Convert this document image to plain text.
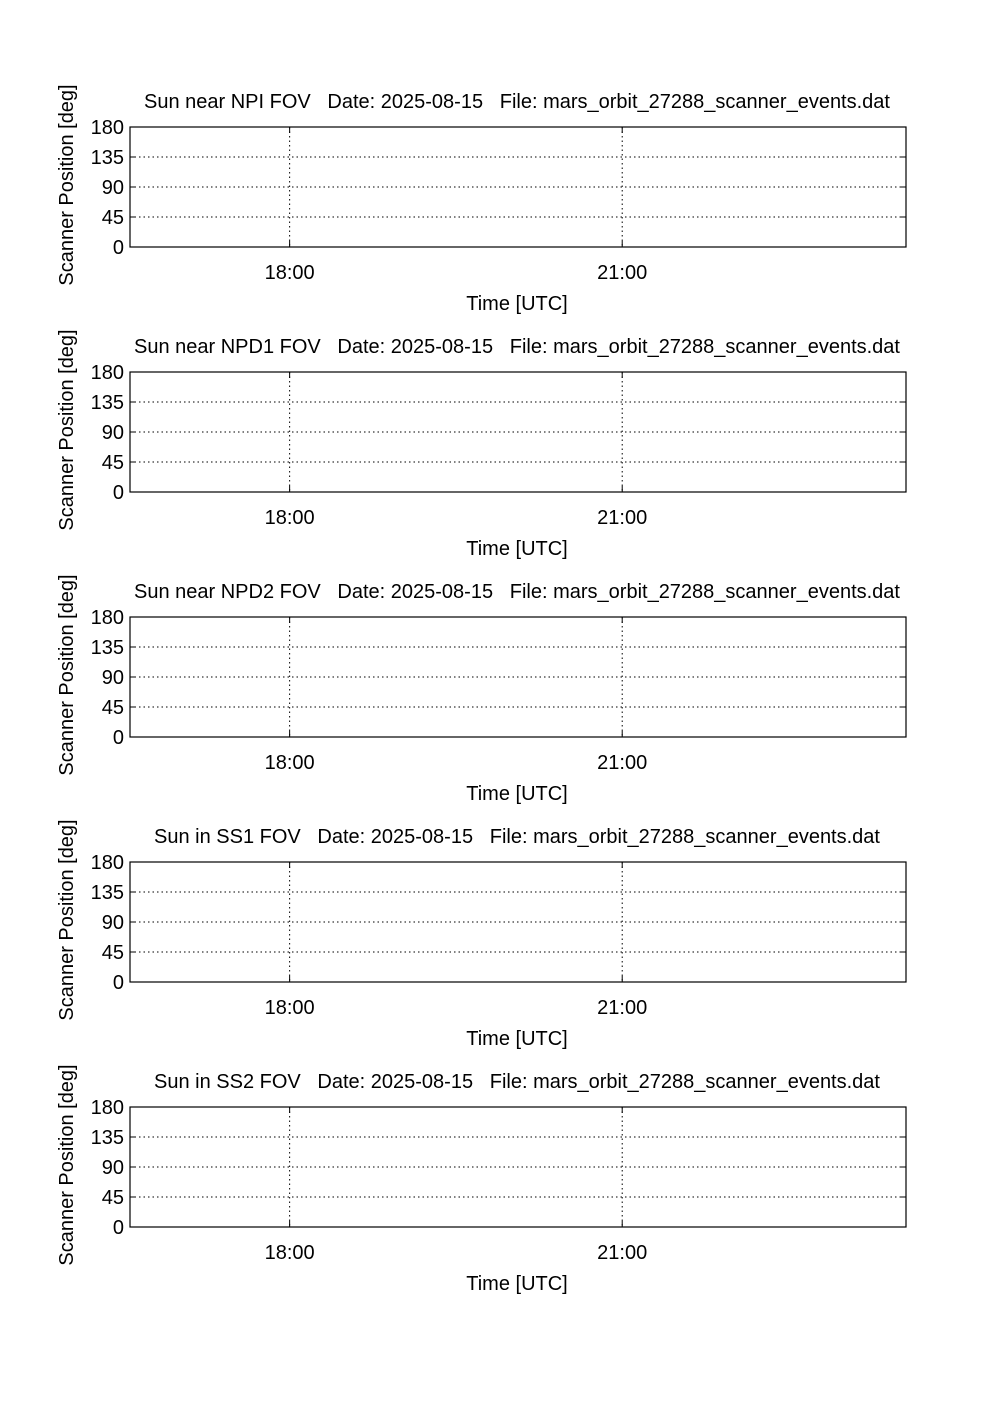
Sun near NPI FOV   Date: 2025-08-15   File: mars_orbit_27288_scanner_events.dat
0
45
90
135
180
18:00	21:00
Time [UTC]
Scanner Position [deg]
Sun near NPD1 FOV   Date: 2025-08-15   File: mars_orbit_27288_scanner_events.dat
0
45
90
135
180
18:00	21:00
Time [UTC]
Scanner Position [deg]
Sun near NPD2 FOV   Date: 2025-08-15   File: mars_orbit_27288_scanner_events.dat
0
45
90
135
180
18:00	21:00
Time [UTC]
Scanner Position [deg]
Sun in SS1 FOV   Date: 2025-08-15   File: mars_orbit_27288_scanner_events.dat
0
45
90
135
180
18:00	21:00
Time [UTC]
Scanner Position [deg]
Sun in SS2 FOV   Date: 2025-08-15   File: mars_orbit_27288_scanner_events.dat
0
45
90
135
180
18:00	21:00
Time [UTC]
Scanner Position [deg]
